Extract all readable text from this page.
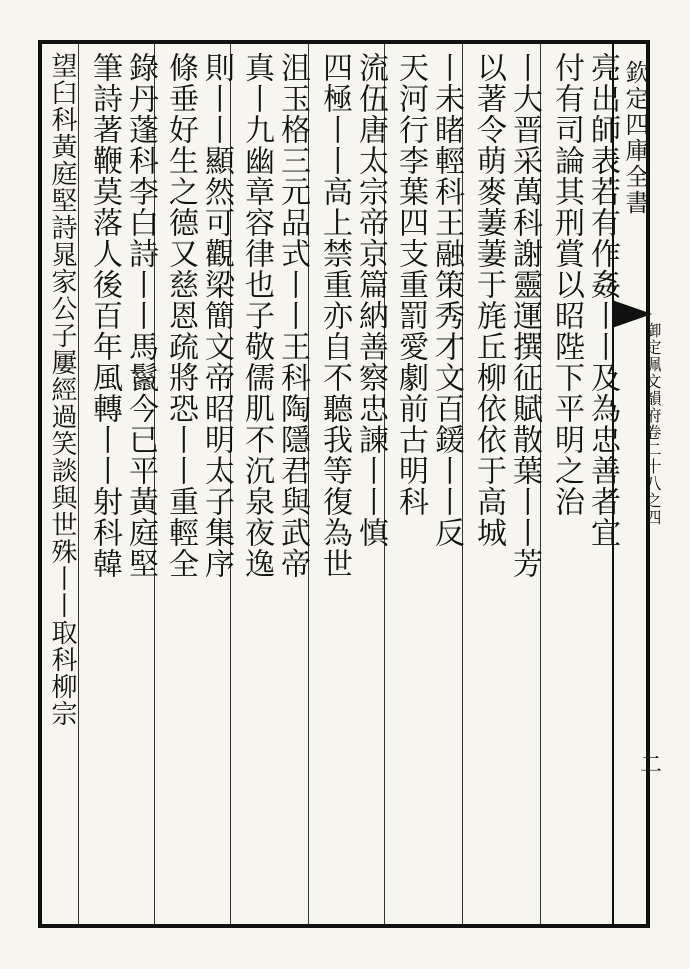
欽定四庫全書
御定佩文韻府卷二十八之四
二
亮出師表若有作姦丨丨及為忠善者宜
付有司論其刑賞以昭陛下平明之治
丨大晋采萬科謝靈運撰征賦散葉丨丨芳
以著令萌麥萋萋于旄丘柳依依于高城
丨未睹輕科王融策秀才文百鍰丨丨反
天河行李葉四支重罰愛劇前古明科
流伍唐太宗帝京篇納善察忠諫丨丨慎
四極丨丨高上禁重亦自不聽我等復為世
沮玉格三元品式丨丨王科陶隱君與武帝
真丨九幽章容律也子敬儒肌不沉泉夜逸
則丨丨顯然可觀梁簡文帝昭明太子集序
條垂好生之德又慈恩疏將恐丨丨重輕全
錄丹蓬科李白詩丨丨馬鬣今已平黃庭堅
筆詩著鞭莫落人後百年風轉丨丨射科韓
望臼科黃庭堅詩晁家公子屢經過笑談與世殊丨丨取科柳宗
